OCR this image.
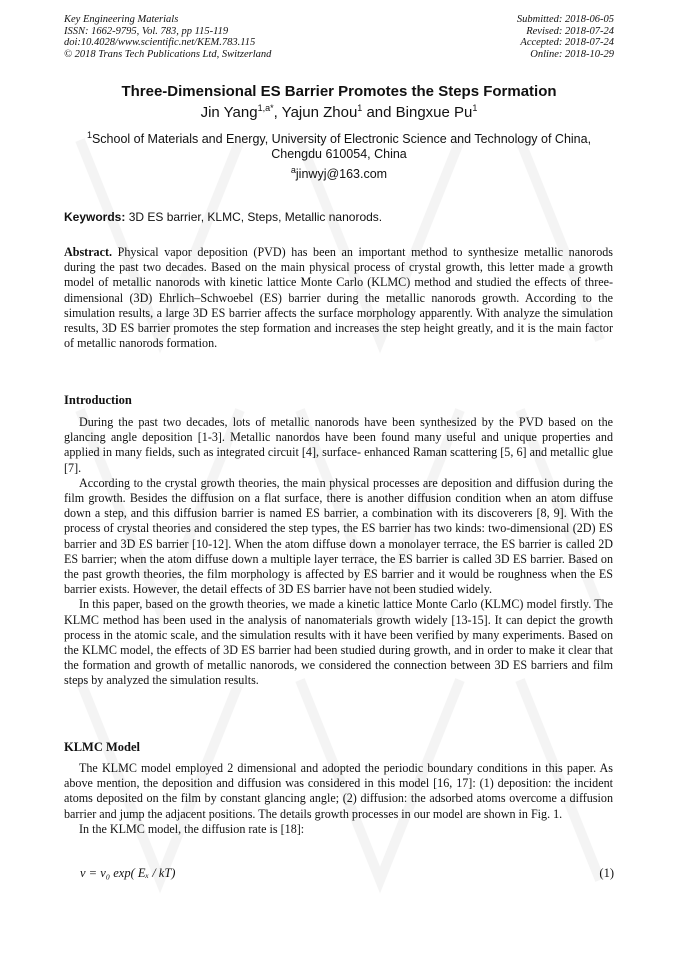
Key Engineering Materials
ISSN: 1662-9795, Vol. 783, pp 115-119
doi:10.4028/www.scientific.net/KEM.783.115
© 2018 Trans Tech Publications Ltd, Switzerland
Submitted: 2018-06-05
Revised: 2018-07-24
Accepted: 2018-07-24
Online: 2018-10-29
Three-Dimensional ES Barrier Promotes the Steps Formation
Jin Yang$^{1,a*}$, Yajun Zhou$^1$ and Bingxue Pu$^1$
$^1$School of Materials and Energy, University of Electronic Science and Technology of China, Chengdu 610054, China
$^a$jinwyj@163.com
Keywords: 3D ES barrier, KLMC, Steps, Metallic nanorods.
Abstract. Physical vapor deposition (PVD) has been an important method to synthesize metallic nanorods during the past two decades. Based on the main physical process of crystal growth, this letter made a growth model of metallic nanorods with kinetic lattice Monte Carlo (KLMC) method and studied the effects of three-dimensional (3D) Ehrlich–Schwoebel (ES) barrier during the metallic nanorods growth. According to the simulation results, a large 3D ES barrier affects the surface morphology apparently. With analyze the simulation results, 3D ES barrier promotes the step formation and increases the step height greatly, and it is the main factor of metallic nanorods formation.
Introduction

During the past two decades, lots of metallic nanorods have been synthesized by the PVD based on the glancing angle deposition [1-3]. Metallic nanordos have been found many useful and unique properties and applied in many fields, such as integrated circuit [4], surface- enhanced Raman scattering [5, 6] and metallic glue [7].

According to the crystal growth theories, the main physical processes are deposition and diffusion during the film growth. Besides the diffusion on a flat surface, there is another diffusion condition when an atom diffuse down a step, and this diffusion barrier is named ES barrier, a combination with its discoverers [8, 9]. With the process of crystal theories and considered the step types, the ES barrier has two kinds: two-dimensional (2D) ES barrier and 3D ES barrier [10-12]. When the atom diffuse down a monolayer terrace, the ES barrier is called 2D ES barrier; when the atom diffuse down a multiple layer terrace, the ES barrier is called 3D ES barrier. Based on the past growth theories, the film morphology is affected by ES barrier and it would be roughness when the ES barrier exists. However, the detail effects of 3D ES barrier have not been studied widely.

In this paper, based on the growth theories, we made a kinetic lattice Monte Carlo (KLMC) model firstly. The KLMC method has been used in the analysis of nanomaterials growth widely [13-15]. It can depict the growth process in the atomic scale, and the simulation results with it have been verified by many experiments. Based on the KLMC model, the effects of 3D ES barrier had been studied during growth, and in order to make it clear that the formation and growth of metallic nanorods, we considered the connection between 3D ES barriers and film steps by analyzed the simulation results.

KLMC Model

The KLMC model employed 2 dimensional and adopted the periodic boundary conditions in this paper. As above mention, the deposition and diffusion was considered in this model [16, 17]: (1) deposition: the incident atoms deposited on the film by constant glancing angle; (2) diffusion: the adsorbed atoms overcome a diffusion barrier and jump the adjacent positions. The details growth processes in our model are shown in Fig. 1.

In the KLMC model, the diffusion rate is [18]:

ν = ν₀ exp( Eₓ / kT)	(1)
